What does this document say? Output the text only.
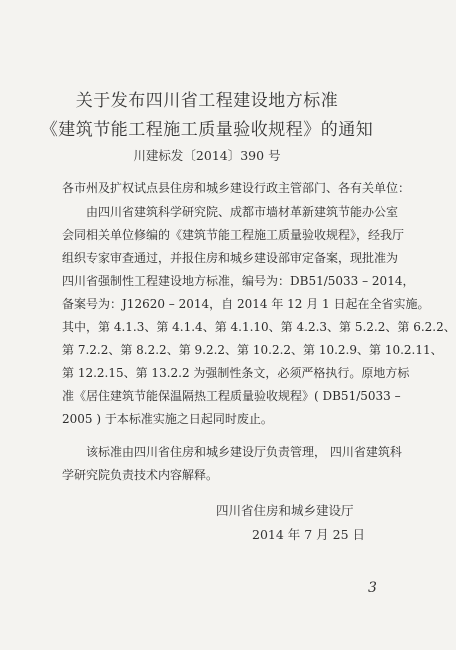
关于发布四川省工程建设地方标准
《建筑节能工程施工质量验收规程》的通知
川建标发〔2014〕390 号
各市州及扩权试点县住房和城乡建设行政主管部门、各有关单位：
　　由四川省建筑科学研究院、成都市墙材革新建筑节能办公室
会同相关单位修编的《建筑节能工程施工质量验收规程》，经我厅
组织专家审查通过，并报住房和城乡建设部审定备案，现批准为
四川省强制性工程建设地方标准，编号为：DB51/5033 – 2014，
备案号为：J12620 – 2014，自 2014 年 12 月 1 日起在全省实施。
其中，第 4.1.3、第 4.1.4、第 4.1.10、第 4.2.3、第 5.2.2、第 6.2.2、
第 7.2.2、第 8.2.2、第 9.2.2、第 10.2.2、第 10.2.9、第 10.2.11、
第 12.2.15、第 13.2.2 为强制性条文，必须严格执行。原地方标
准《居住建筑节能保温隔热工程质量验收规程》( DB51/5033 –
2005 ) 于本标准实施之日起同时废止。
　　该标准由四川省住房和城乡建设厅负责管理， 四川省建筑科
学研究院负责技术内容解释。
四川省住房和城乡建设厅
2014 年 7 月 25 日
3
